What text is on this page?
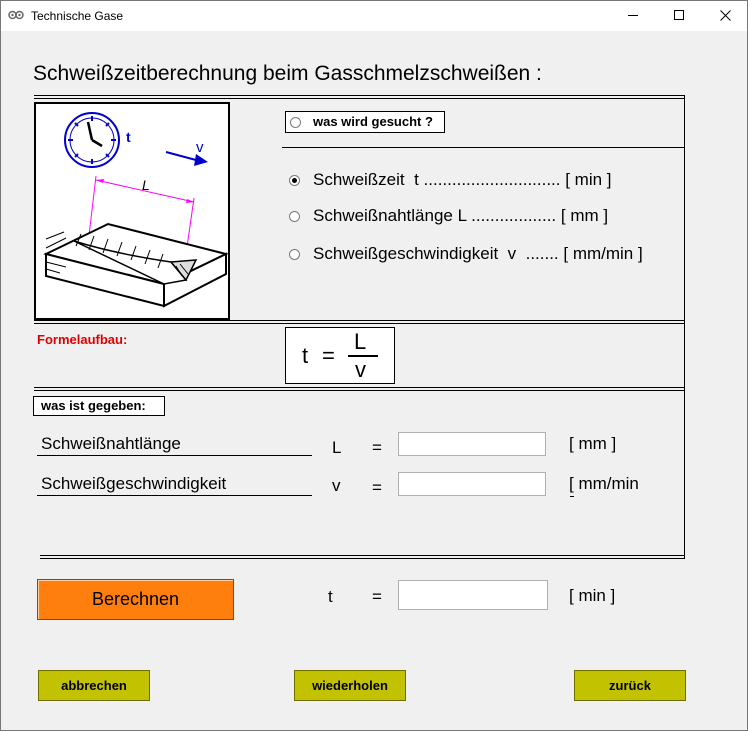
Technische Gase
Schweißzeitberechnung beim Gasschmelzschweißen :
t
v
L

was wird gesucht ?

Schweißzeit  t ............................. [ min ]
Schweißnahtlänge L .................. [ mm ]
Schweißgeschwindigkeit  v  ....... [ mm/min ]
Formelaufbau:
t =
L
v

was ist gegeben:

Schweißnahtlänge	L =	[ mm ]
Schweißgeschwindigkeit	v =	[ mm/min
Berechnen	t =	[ min ]
abbrechen	wiederholen	zurück
